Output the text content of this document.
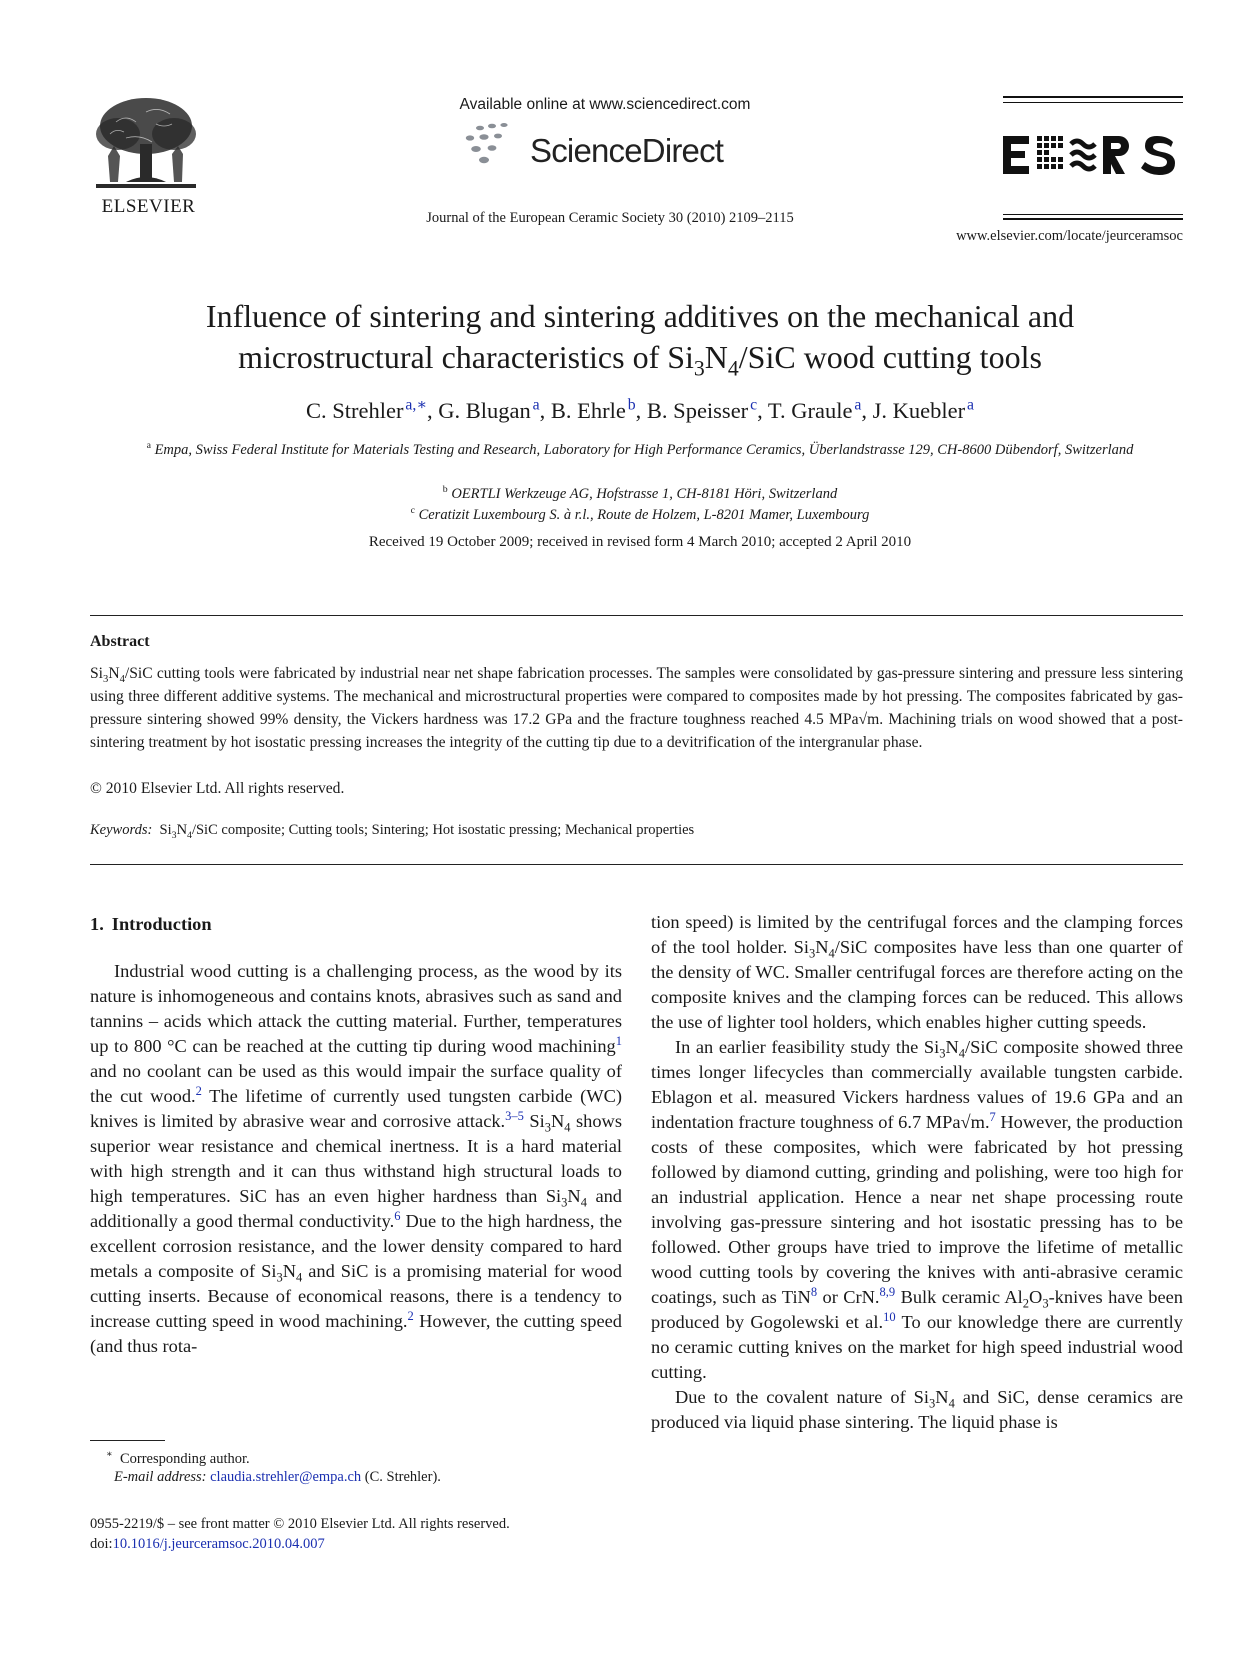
ELSEVIER
Available online at www.sciencedirect.com
ScienceDirect
Journal of the European Ceramic Society 30 (2010) 2109–2115
www.elsevier.com/locate/jeurceramsoc
Influence of sintering and sintering additives on the mechanical and
microstructural characteristics of $Si_3N_4$/SiC wood cutting tools
C. Strehler  $^{a,∗}$, G. Blugan  $^a$, B. Ehrle  $^b$, B. Speisser  $^c$, T. Graule  $^a$, J. Kuebler  $^a$
$^a$ Empa, Swiss Federal Institute for Materials Testing and Research, Laboratory for High Performance Ceramics, Überlandstrasse 129, CH-8600 Dübendorf, Switzerland
$^b$ OERTLI Werkzeuge AG, Hofstrasse 1, CH-8181 Höri, Switzerland
$^c$ Ceratizit Luxembourg S. à r.l., Route de Holzem, L-8201 Mamer, Luxembourg
Received 19 October 2009; received in revised form 4 March 2010; accepted 2 April 2010
Abstract
$Si_3N_4$/SiC cutting tools were fabricated by industrial near net shape fabrication processes. The samples were consolidated by gas-pressure sintering and pressure less sintering using three different additive systems. The mechanical and microstructural properties were compared to composites made by hot pressing. The composites fabricated by gas-pressure sintering showed 99% density, the Vickers hardness was 17.2 GPa and the fracture toughness reached 4.5 MPa√m. Machining trials on wood showed that a post-sintering treatment by hot isostatic pressing increases the integrity of the cutting tip due to a devitrification of the intergranular phase.
© 2010 Elsevier Ltd. All rights reserved.
Keywords: $Si_3N_4$/SiC composite; Cutting tools; Sintering; Hot isostatic pressing; Mechanical properties
1. Introduction

Industrial wood cutting is a challenging process, as the wood by its nature is inhomogeneous and contains knots, abrasives such as sand and tannins – acids which attack the cutting material. Further, temperatures up to 800 °C can be reached at the cutting tip during wood machining$^1$ and no coolant can be used as this would impair the surface quality of the cut wood.$^2$ The lifetime of currently used tungsten carbide (WC) knives is limited by abrasive wear and corrosive attack.$^{3-5}$ $Si_3N_4$ shows superior wear resistance and chemical inertness. It is a hard material with high strength and it can thus withstand high structural loads to high temperatures. SiC has an even higher hardness than $Si_3N_4$ and additionally a good thermal conductivity.$^6$ Due to the high hardness, the excellent corrosion resistance, and the lower density compared to hard metals a composite of $Si_3N_4$ and SiC is a promising material for wood cutting inserts. Because of economical reasons, there is a tendency to increase cutting speed in wood machining.$^2$ However, the cutting speed (and thus rota-

tion speed) is limited by the centrifugal forces and the clamping forces of the tool holder. $Si_3N_4$/SiC composites have less than one quarter of the density of WC. Smaller centrifugal forces are therefore acting on the composite knives and the clamping forces can be reduced. This allows the use of lighter tool holders, which enables higher cutting speeds.

In an earlier feasibility study the $Si_3N_4$/SiC composite showed three times longer lifecycles than commercially available tungsten carbide. Eblagon et al. measured Vickers hardness values of 19.6 GPa and an indentation fracture toughness of 6.7 MPa√m.$^7$ However, the production costs of these composites, which were fabricated by hot pressing followed by diamond cutting, grinding and polishing, were too high for an industrial application. Hence a near net shape processing route involving gas-pressure sintering and hot isostatic pressing has to be followed. Other groups have tried to improve the lifetime of metallic wood cutting tools by covering the knives with anti-abrasive ceramic coatings, such as TiN$^8$ or CrN.$^{8,9}$ Bulk ceramic $Al_2O_3$-knives have been produced by Gogolewski et al.$^{10}$ To our knowledge there are currently no ceramic cutting knives on the market for high speed industrial wood cutting.

Due to the covalent nature of $Si_3N_4$ and SiC, dense ceramics are produced via liquid phase sintering. The liquid phase is

∗ Corresponding author.
E-mail address: claudia.strehler@empa.ch (C. Strehler).
0955-2219/$ – see front matter © 2010 Elsevier Ltd. All rights reserved.
doi:10.1016/j.jeurceramsoc.2010.04.007
